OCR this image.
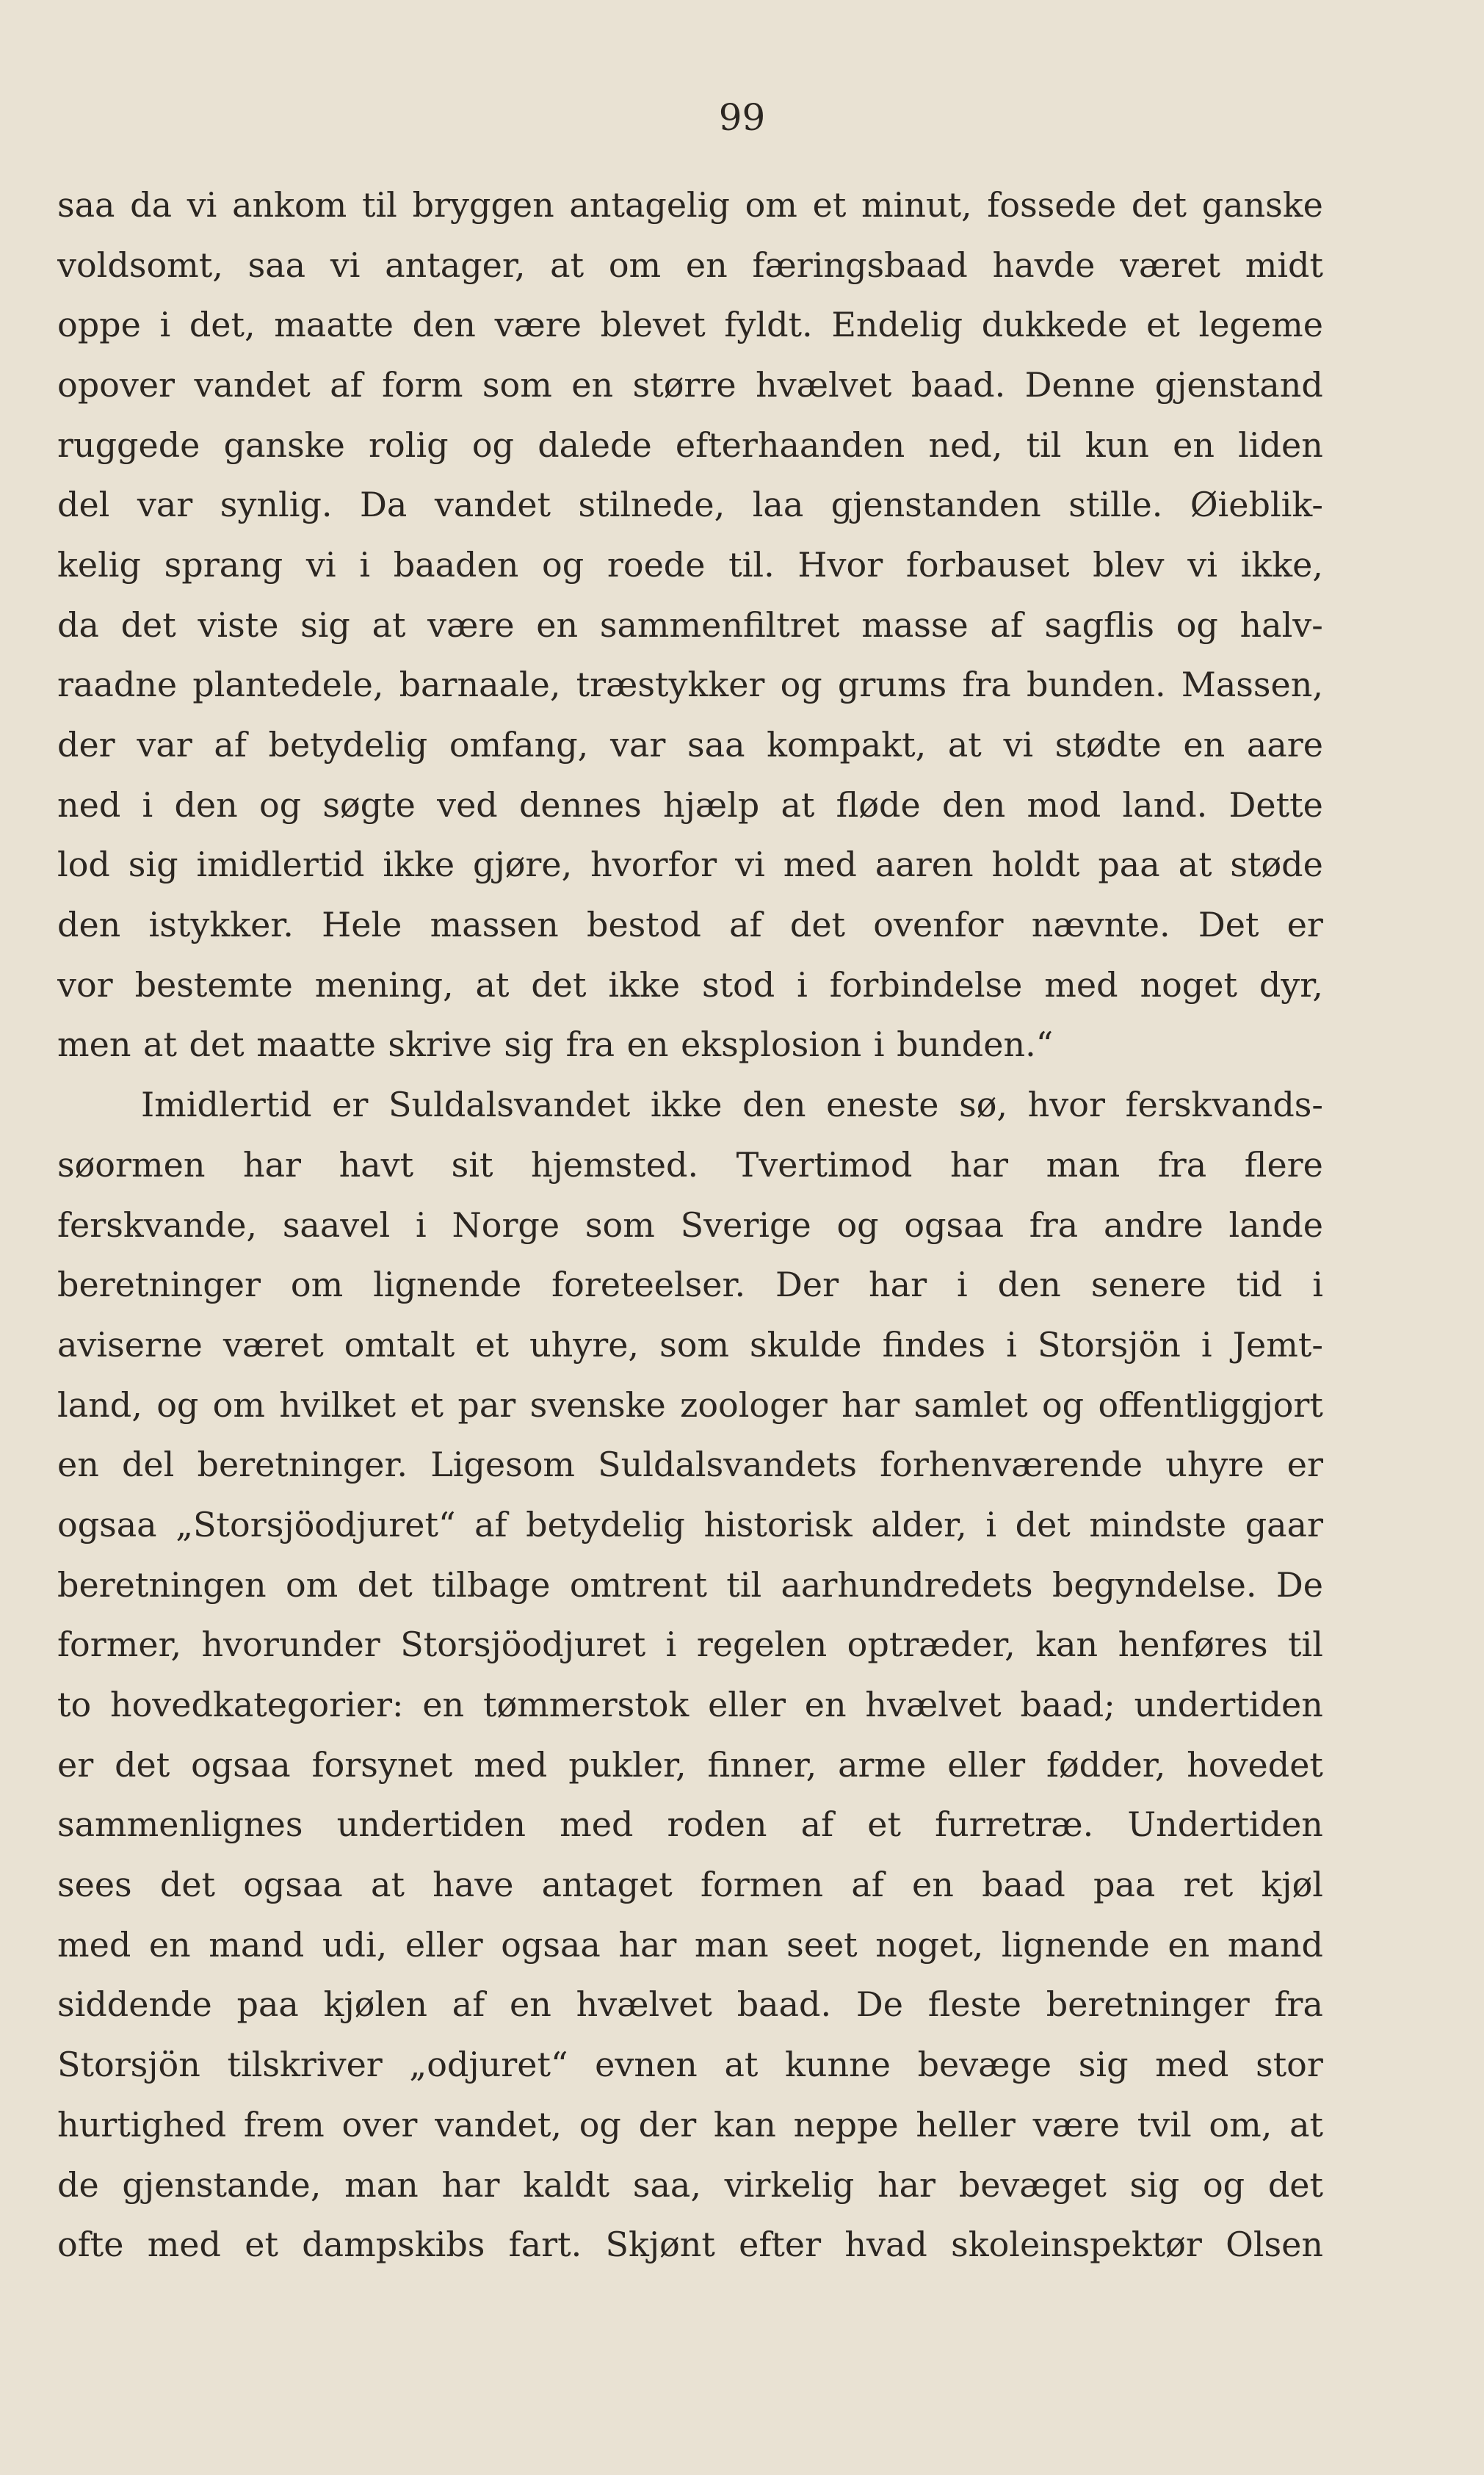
99
saa da vi ankom til bryggen antagelig om et minut, fossede det ganske
voldsomt, saa vi antager, at om en færingsbaad havde været midt
oppe i det, maatte den være blevet fyldt. Endelig dukkede et legeme
opover vandet af form som en større hvælvet baad. Denne gjenstand
ruggede ganske rolig og dalede efterhaanden ned, til kun en liden
del var synlig. Da vandet stilnede, laa gjenstanden stille. Øieblik-
kelig sprang vi i baaden og roede til. Hvor forbauset blev vi ikke,
da det viste sig at være en sammenfiltret masse af sagflis og halv-
raadne plantedele, barnaale, træstykker og grums fra bunden. Massen,
der var af betydelig omfang, var saa kompakt, at vi stødte en aare
ned i den og søgte ved dennes hjælp at fløde den mod land. Dette
lod sig imidlertid ikke gjøre, hvorfor vi med aaren holdt paa at støde
den istykker. Hele massen bestod af det ovenfor nævnte. Det er
vor bestemte mening, at det ikke stod i forbindelse med noget dyr,
men at det maatte skrive sig fra en eksplosion i bunden.“
Imidlertid er Suldalsvandet ikke den eneste sø, hvor ferskvands-
søormen har havt sit hjemsted. Tvertimod har man fra flere
ferskvande, saavel i Norge som Sverige og ogsaa fra andre lande
beretninger om lignende foreteelser. Der har i den senere tid i
aviserne været omtalt et uhyre, som skulde findes i Storsjön i Jemt-
land, og om hvilket et par svenske zoologer har samlet og offentliggjort
en del beretninger. Ligesom Suldalsvandets forhenværende uhyre er
ogsaa „Storsjöodjuret“ af betydelig historisk alder, i det mindste gaar
beretningen om det tilbage omtrent til aarhundredets begyndelse. De
former, hvorunder Storsjöodjuret i regelen optræder, kan henføres til
to hovedkategorier: en tømmerstok eller en hvælvet baad; undertiden
er det ogsaa forsynet med pukler, finner, arme eller fødder, hovedet
sammenlignes undertiden med roden af et furretræ. Undertiden
sees det ogsaa at have antaget formen af en baad paa ret kjøl
med en mand udi, eller ogsaa har man seet noget, lignende en mand
siddende paa kjølen af en hvælvet baad. De fleste beretninger fra
Storsjön tilskriver „odjuret“ evnen at kunne bevæge sig med stor
hurtighed frem over vandet, og der kan neppe heller være tvil om, at
de gjenstande, man har kaldt saa, virkelig har bevæget sig og det
ofte med et dampskibs fart. Skjønt efter hvad skoleinspektør Olsen
